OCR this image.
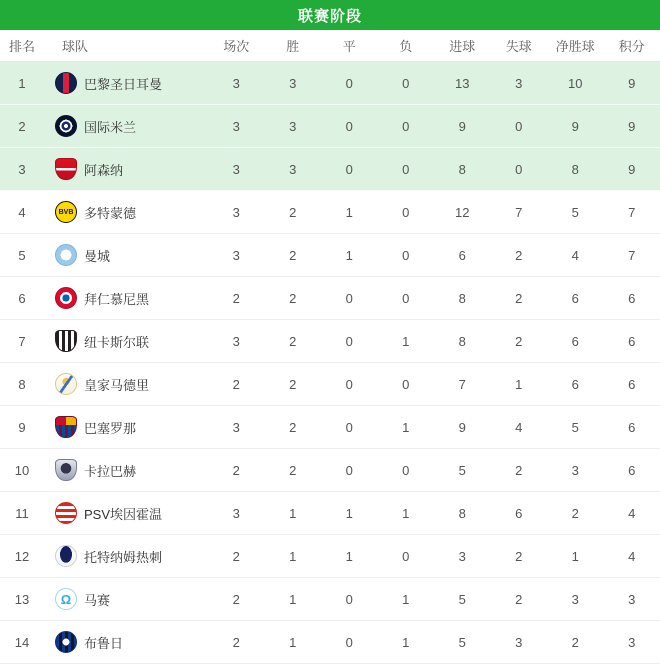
联赛阶段
排名	球队	场次	胜	平	负	进球	失球	净胜球	积分
1	巴黎圣日耳曼	3	3	0	0	13	3	10	9
2	国际米兰	3	3	0	0	9	0	9	9
3	阿森纳	3	3	0	0	8	0	8	9
4	BVB 多特蒙德	3	2	1	0	12	7	5	7
5	曼城	3	2	1	0	6	2	4	7
6	拜仁慕尼黑	2	2	0	0	8	2	6	6
7	纽卡斯尔联	3	2	0	1	8	2	6	6
8	皇家马德里	2	2	0	0	7	1	6	6
9	巴塞罗那	3	2	0	1	9	4	5	6
10	卡拉巴赫	2	2	0	0	5	2	3	6
11	PSV埃因霍温	3	1	1	1	8	6	2	4
12	托特纳姆热刺	2	1	1	0	3	2	1	4
13	Ω 马赛	2	1	0	1	5	2	3	3
14	布鲁日	2	1	0	1	5	3	2	3
